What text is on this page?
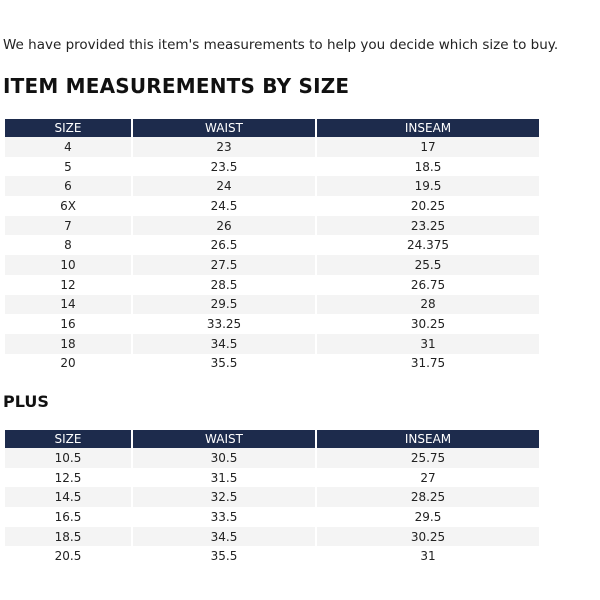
We have provided this item's measurements to help you decide which size to buy.
ITEM MEASUREMENTS BY SIZE
SIZE	WAIST	INSEAM
4	23	17
5	23.5	18.5
6	24	19.5
6X	24.5	20.25
7	26	23.25
8	26.5	24.375
10	27.5	25.5
12	28.5	26.75
14	29.5	28
16	33.25	30.25
18	34.5	31
20	35.5	31.75
PLUS
SIZE	WAIST	INSEAM
10.5	30.5	25.75
12.5	31.5	27
14.5	32.5	28.25
16.5	33.5	29.5
18.5	34.5	30.25
20.5	35.5	31
